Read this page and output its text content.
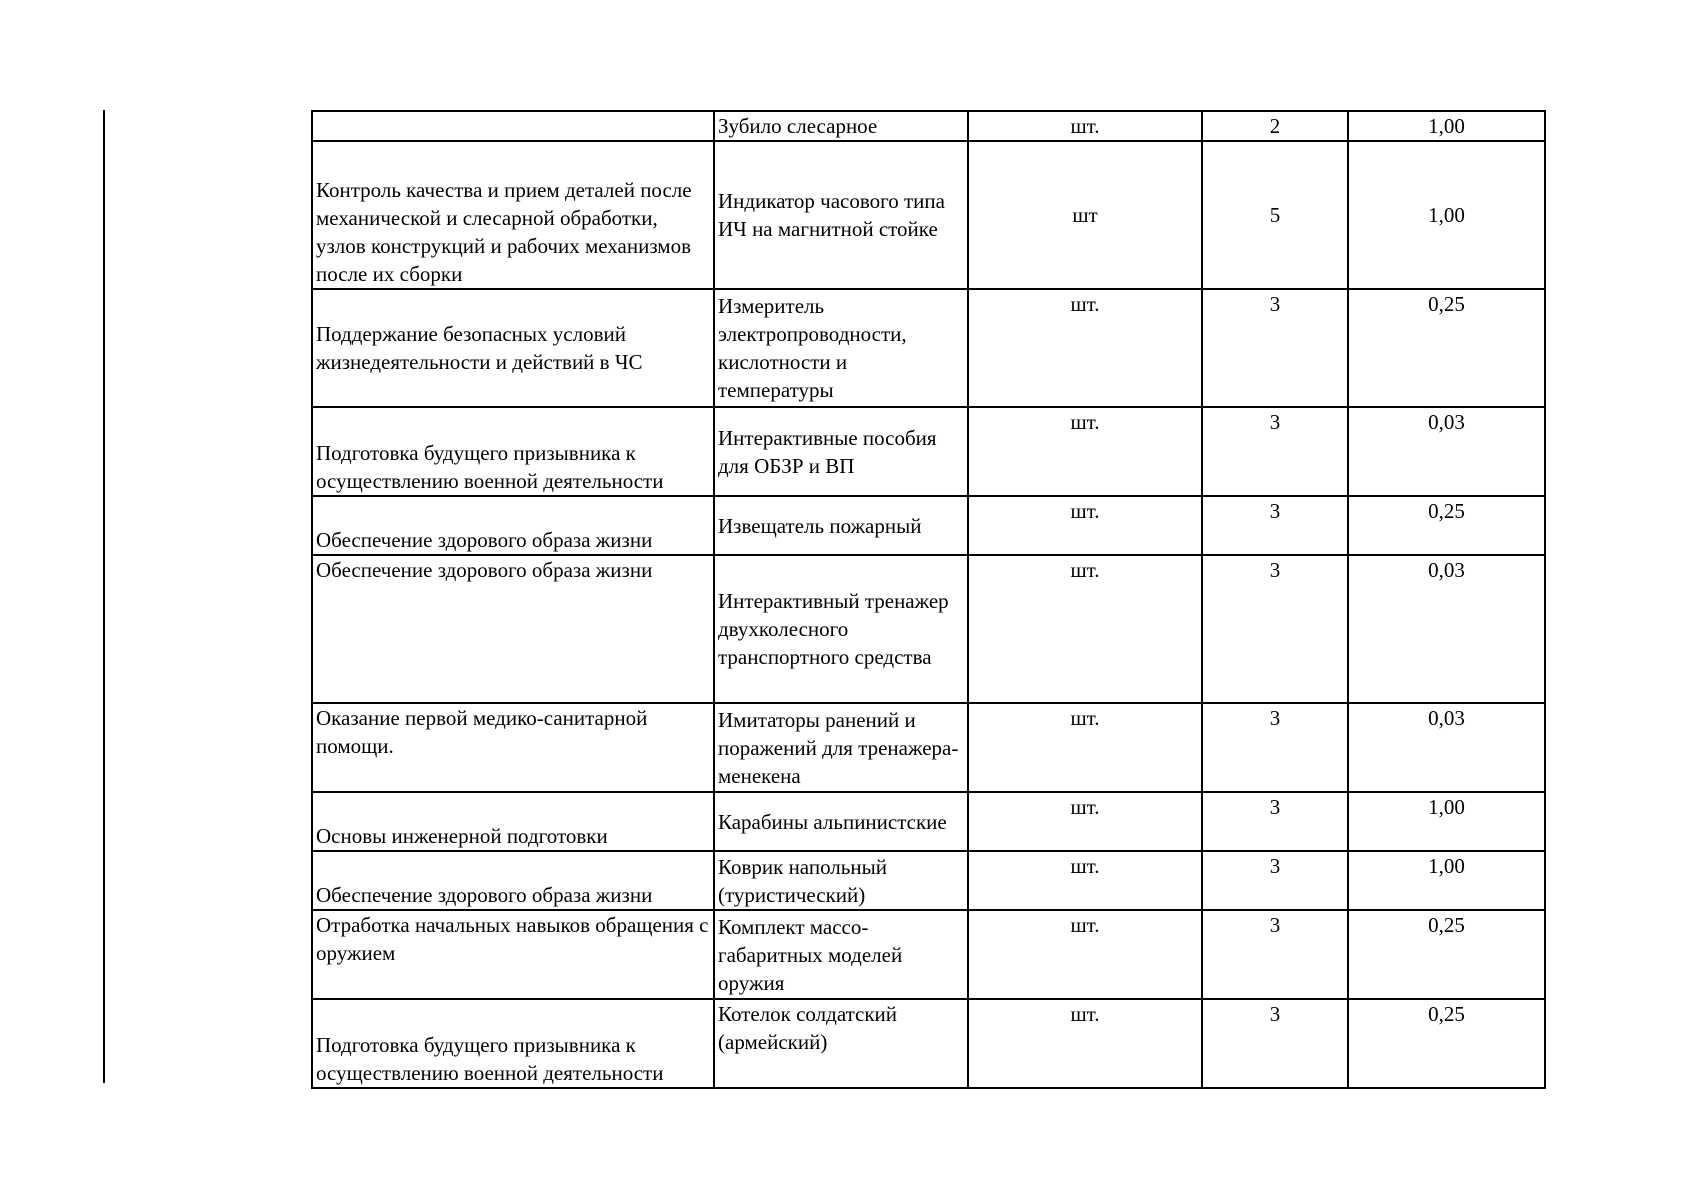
	Зубило слесарное	шт.	2	1,00
Контроль качества и прием деталей после механической и слесарной обработки, узлов конструкций и рабочих механизмов после их сборки	Индикатор часового типа ИЧ на магнитной стойке	шт	5	1,00
Поддержание безопасных условий жизнедеятельности и действий в ЧС	Измеритель электропроводности, кислотности и температуры	шт.	3	0,25
Подготовка будущего призывника к осуществлению военной деятельности	Интерактивные пособия для ОБЗР и ВП	шт.	3	0,03
Обеспечение здорового образа жизни	Извещатель пожарный	шт.	3	0,25
Обеспечение здорового образа жизни	Интерактивный тренажер двухколесного транспортного средства	шт.	3	0,03
Оказание первой медико-санитарной помощи.	Имитаторы ранений и поражений для тренажера-менекена	шт.	3	0,03
Основы инженерной подготовки	Карабины альпинистские	шт.	3	1,00
Обеспечение здорового образа жизни	Коврик напольный (туристический)	шт.	3	1,00
Отработка начальных навыков обращения с оружием	Комплект массо-габаритных моделей оружия	шт.	3	0,25
Подготовка будущего призывника к осуществлению военной деятельности	Котелок солдатский (армейский)	шт.	3	0,25
